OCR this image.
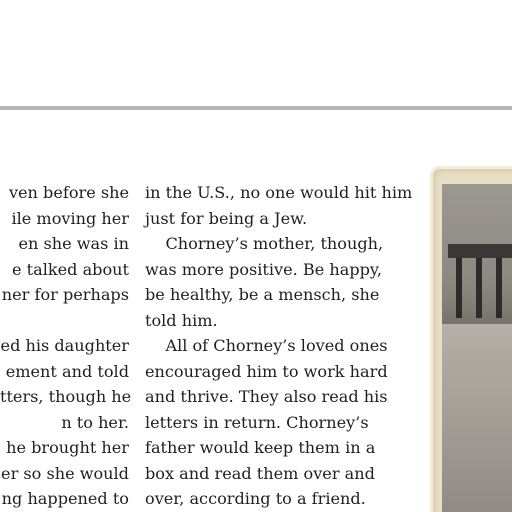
ven before she

ile moving her

en she was in

e talked about

ner for perhaps

ed his daughter

ement and told

tters, though he

n to her.

he brought her

er so she would

ng happened to

in the U.S., no one would hit him

just for being a Jew.

Chorney’s mother, though,

was more positive. Be happy,

be healthy, be a mensch, she

told him.

All of Chorney’s loved ones

encouraged him to work hard

and thrive. They also read his

letters in return. Chorney’s

father would keep them in a

box and read them over and

over, according to a friend.
